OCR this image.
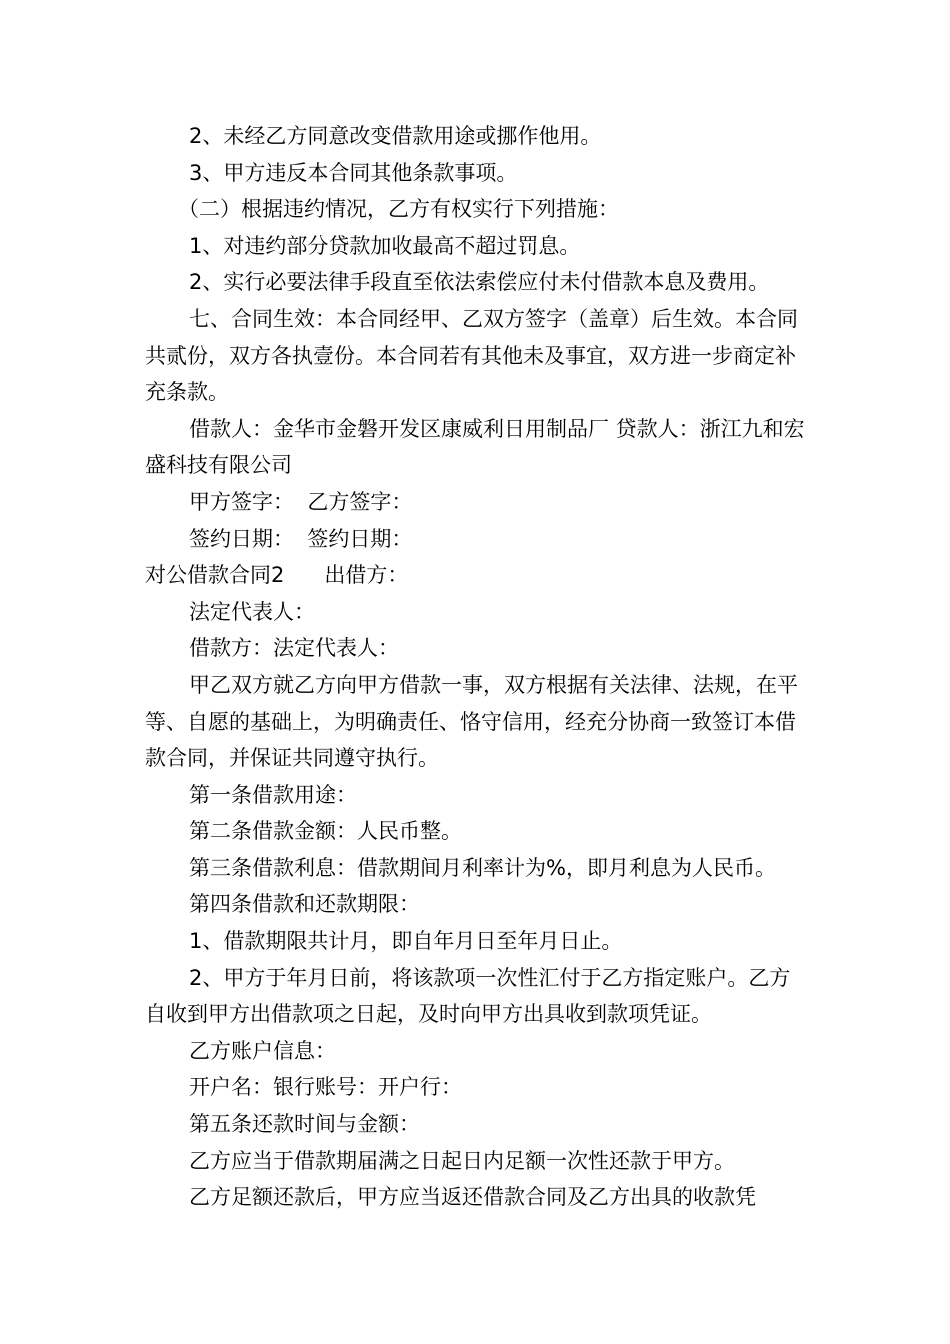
2、未经乙方同意改变借款用途或挪作他用。

3、甲方违反本合同其他条款事项。

（二）根据违约情况，乙方有权实行下列措施：

1、对违约部分贷款加收最高不超过罚息。

2、实行必要法律手段直至依法索偿应付未付借款本息及费用。

七、合同生效：本合同经甲、乙双方签字（盖章）后生效。本合同共贰份，双方各执壹份。本合同若有其他未及事宜，双方进一步商定补充条款。

借款人：金华市金磐开发区康威利日用制品厂 贷款人：浙江九和宏盛科技有限公司

甲方签字：  乙方签字：

签约日期：  签约日期：

对公借款合同2 出借方：

法定代表人：

借款方：法定代表人：

甲乙双方就乙方向甲方借款一事，双方根据有关法律、法规，在平等、自愿的基础上，为明确责任、恪守信用，经充分协商一致签订本借款合同，并保证共同遵守执行。

第一条借款用途：

第二条借款金额：人民币整。

第三条借款利息：借款期间月利率计为%，即月利息为人民币。

第四条借款和还款期限：

1、借款期限共计月，即自年月日至年月日止。

2、甲方于年月日前，将该款项一次性汇付于乙方指定账户。乙方自收到甲方出借款项之日起，及时向甲方出具收到款项凭证。

乙方账户信息：

开户名：银行账号：开户行：

第五条还款时间与金额：

乙方应当于借款期届满之日起日内足额一次性还款于甲方。

乙方足额还款后，甲方应当返还借款合同及乙方出具的收款凭
